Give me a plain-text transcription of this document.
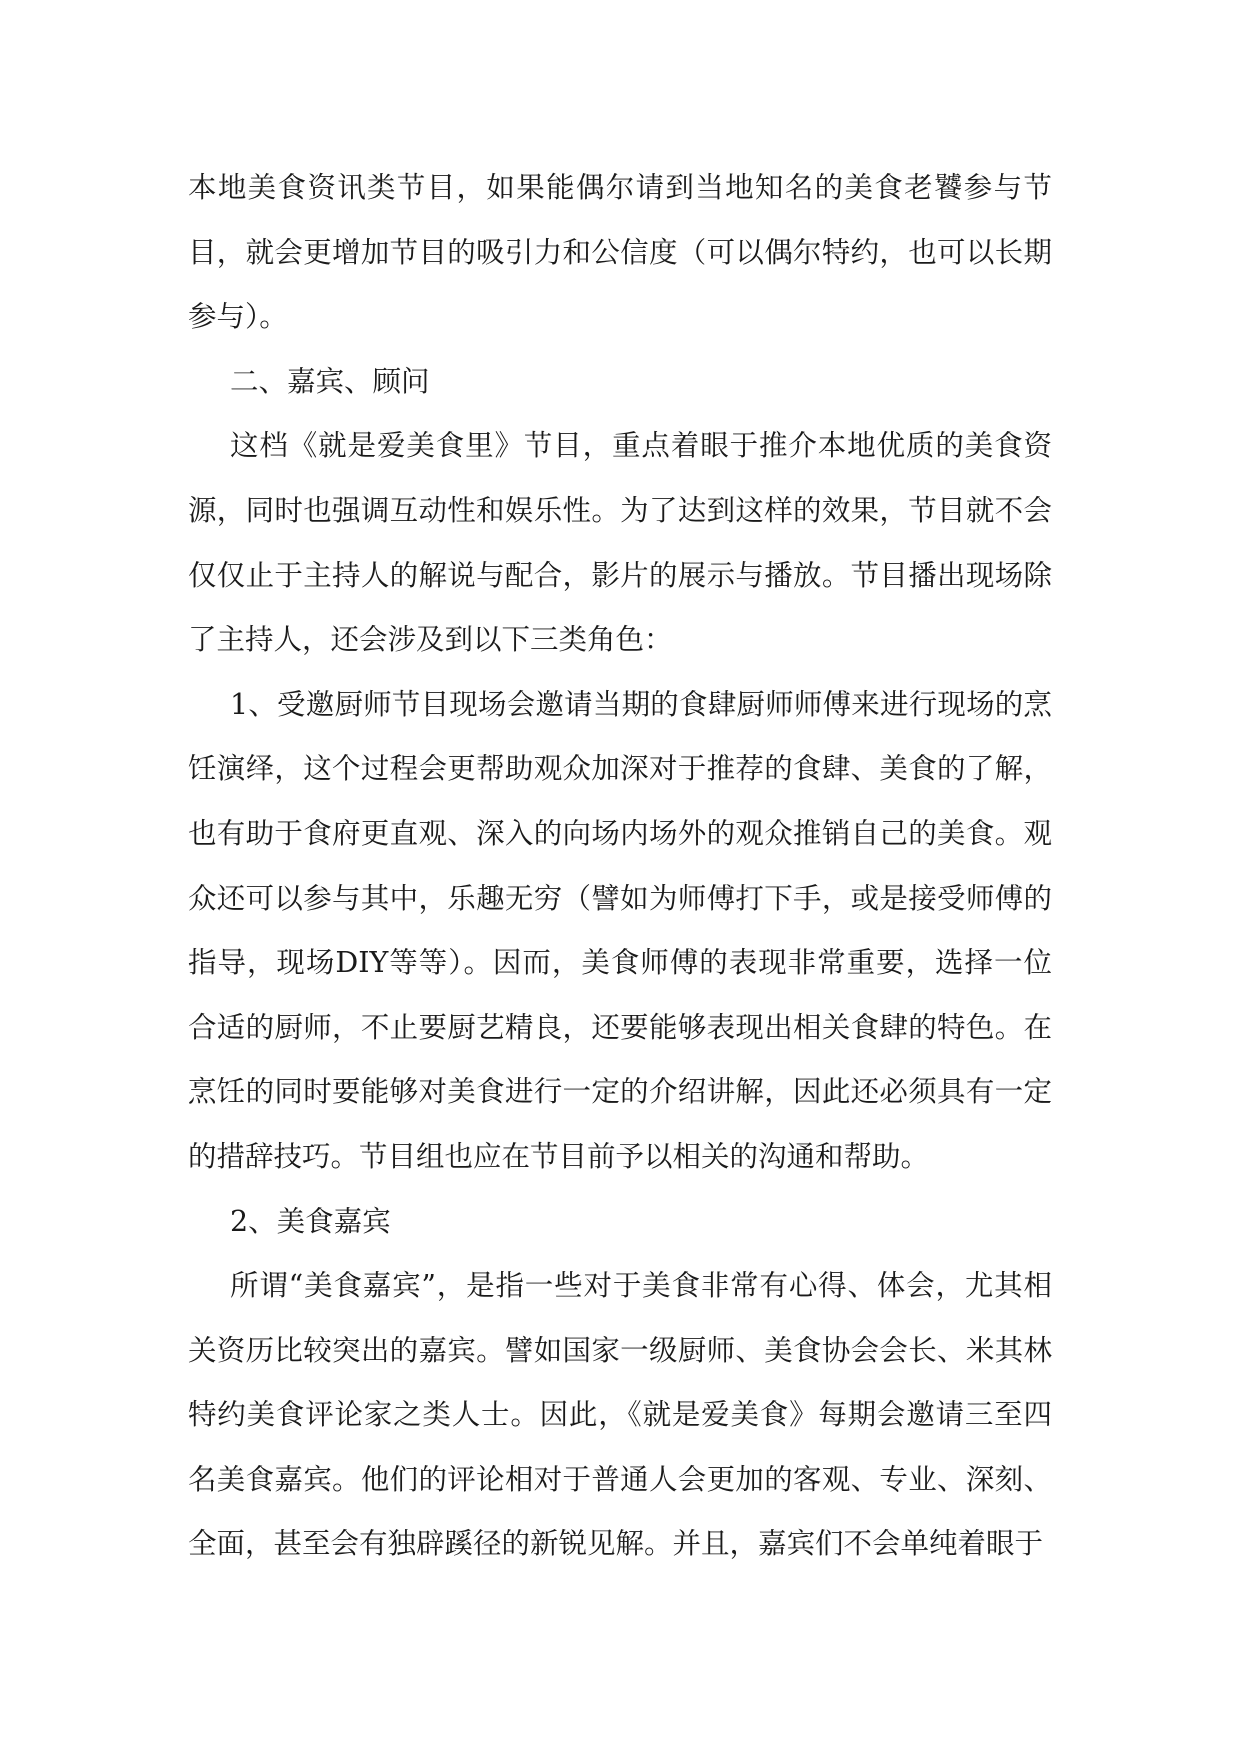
本地美食资讯类节目，如果能偶尔请到当地知名的美食老饕参与节目，就会更增加节目的吸引力和公信度（可以偶尔特约，也可以长期参与）。

二、嘉宾、顾问

这档《就是爱美食里》节目，重点着眼于推介本地优质的美食资源，同时也强调互动性和娱乐性。为了达到这样的效果，节目就不会仅仅止于主持人的解说与配合，影片的展示与播放。节目播出现场除了主持人，还会涉及到以下三类角色：

1、受邀厨师节目现场会邀请当期的食肆厨师师傅来进行现场的烹饪演绎，这个过程会更帮助观众加深对于推荐的食肆、美食的了解，也有助于食府更直观、深入的向场内场外的观众推销自己的美食。观众还可以参与其中，乐趣无穷（譬如为师傅打下手，或是接受师傅的指导，现场DIY等等）。因而，美食师傅的表现非常重要，选择一位合适的厨师，不止要厨艺精良，还要能够表现出相关食肆的特色。在烹饪的同时要能够对美食进行一定的介绍讲解，因此还必须具有一定的措辞技巧。节目组也应在节目前予以相关的沟通和帮助。

2、美食嘉宾

所谓“美食嘉宾”，是指一些对于美食非常有心得、体会，尤其相关资历比较突出的嘉宾。譬如国家一级厨师、美食协会会长、米其林特约美食评论家之类人士。因此，《就是爱美食》每期会邀请三至四名美食嘉宾。他们的评论相对于普通人会更加的客观、专业、深刻、全面，甚至会有独辟蹊径的新锐见解。并且，嘉宾们不会单纯着眼于
